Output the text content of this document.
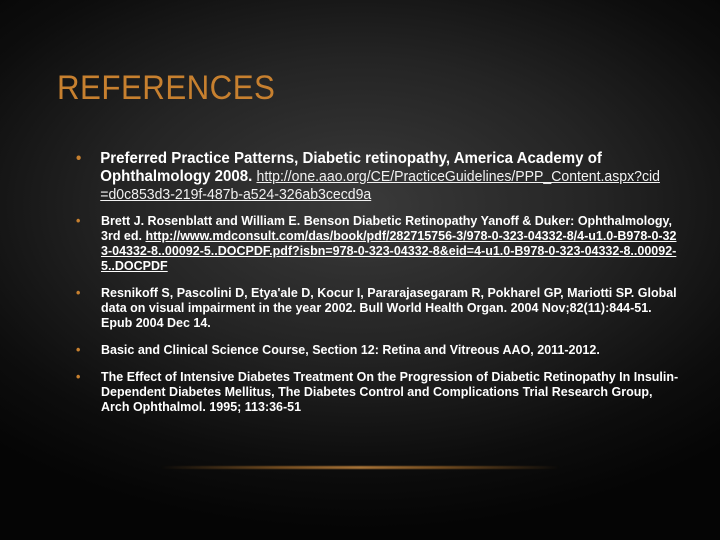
REFERENCES
• Preferred Practice Patterns, Diabetic retinopathy, America Academy of Ophthalmology 2008. http://one.aao.org/CE/PracticeGuidelines/PPP_Content.aspx?cid=d0c853d3-219f-487b-a524-326ab3cecd9a
• Brett J. Rosenblatt and William E. Benson Diabetic Retinopathy Yanoff & Duker: Ophthalmology, 3rd ed. http://www.mdconsult.com/das/book/pdf/282715756-3/978-0-323-04332-8/4-u1.0-B978-0-323-04332-8..00092-5..DOCPDF.pdf?isbn=978-0-323-04332-8&eid=4-u1.0-B978-0-323-04332-8..00092-5..DOCPDF
• Resnikoff S, Pascolini D, Etya'ale D, Kocur I, Pararajasegaram R, Pokharel GP, Mariotti SP. Global data on visual impairment in the year 2002. Bull World Health Organ. 2004 Nov;82(11):844-51. Epub 2004 Dec 14.
• Basic and Clinical Science Course, Section 12: Retina and Vitreous AAO, 2011-2012.
• The Effect of Intensive Diabetes Treatment On the Progression of Diabetic Retinopathy In Insulin-Dependent Diabetes Mellitus, The Diabetes Control and Complications Trial Research Group, Arch Ophthalmol. 1995; 113:36-51
